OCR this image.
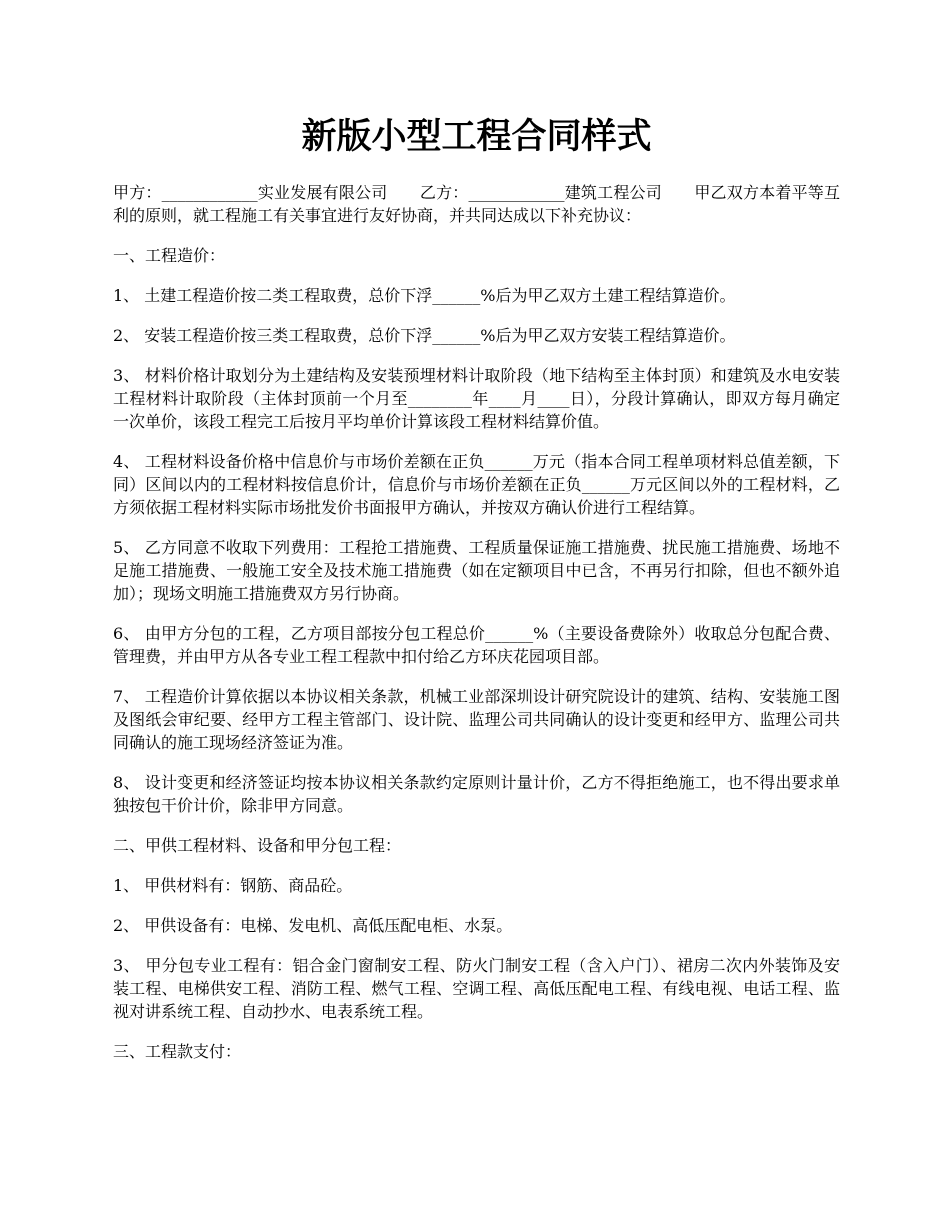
新版小型工程合同样式
甲方：____________实业发展有限公司　　乙方：____________建筑工程公司　　甲乙双方本着平等互利的原则，就工程施工有关事宜进行友好协商，并共同达成以下补充协议：
一、工程造价：
1、 土建工程造价按二类工程取费，总价下浮______%后为甲乙双方土建工程结算造价。
2、 安装工程造价按三类工程取费，总价下浮______%后为甲乙双方安装工程结算造价。
3、 材料价格计取划分为土建结构及安装预埋材料计取阶段（地下结构至主体封顶）和建筑及水电安装工程材料计取阶段（主体封顶前一个月至________年____月____日），分段计算确认，即双方每月确定一次单价，该段工程完工后按月平均单价计算该段工程材料结算价值。
4、 工程材料设备价格中信息价与市场价差额在正负______万元（指本合同工程单项材料总值差额，下同）区间以内的工程材料按信息价计，信息价与市场价差额在正负______万元区间以外的工程材料，乙方须依据工程材料实际市场批发价书面报甲方确认，并按双方确认价进行工程结算。
5、 乙方同意不收取下列费用：工程抢工措施费、工程质量保证施工措施费、扰民施工措施费、场地不足施工措施费、一般施工安全及技术施工措施费（如在定额项目中已含，不再另行扣除，但也不额外追加）；现场文明施工措施费双方另行协商。
6、 由甲方分包的工程，乙方项目部按分包工程总价______%（主要设备费除外）收取总分包配合费、管理费，并由甲方从各专业工程工程款中扣付给乙方环庆花园项目部。
7、 工程造价计算依据以本协议相关条款，机械工业部深圳设计研究院设计的建筑、结构、安装施工图及图纸会审纪要、经甲方工程主管部门、设计院、监理公司共同确认的设计变更和经甲方、监理公司共同确认的施工现场经济签证为准。
8、 设计变更和经济签证均按本协议相关条款约定原则计量计价，乙方不得拒绝施工，也不得出要求单独按包干价计价，除非甲方同意。
二、甲供工程材料、设备和甲分包工程：
1、 甲供材料有：钢筋、商品砼。
2、 甲供设备有：电梯、发电机、高低压配电柜、水泵。
3、 甲分包专业工程有：铝合金门窗制安工程、防火门制安工程（含入户门）、裙房二次内外装饰及安装工程、电梯供安工程、消防工程、燃气工程、空调工程、高低压配电工程、有线电视、电话工程、监视对讲系统工程、自动抄水、电表系统工程。
三、工程款支付：
